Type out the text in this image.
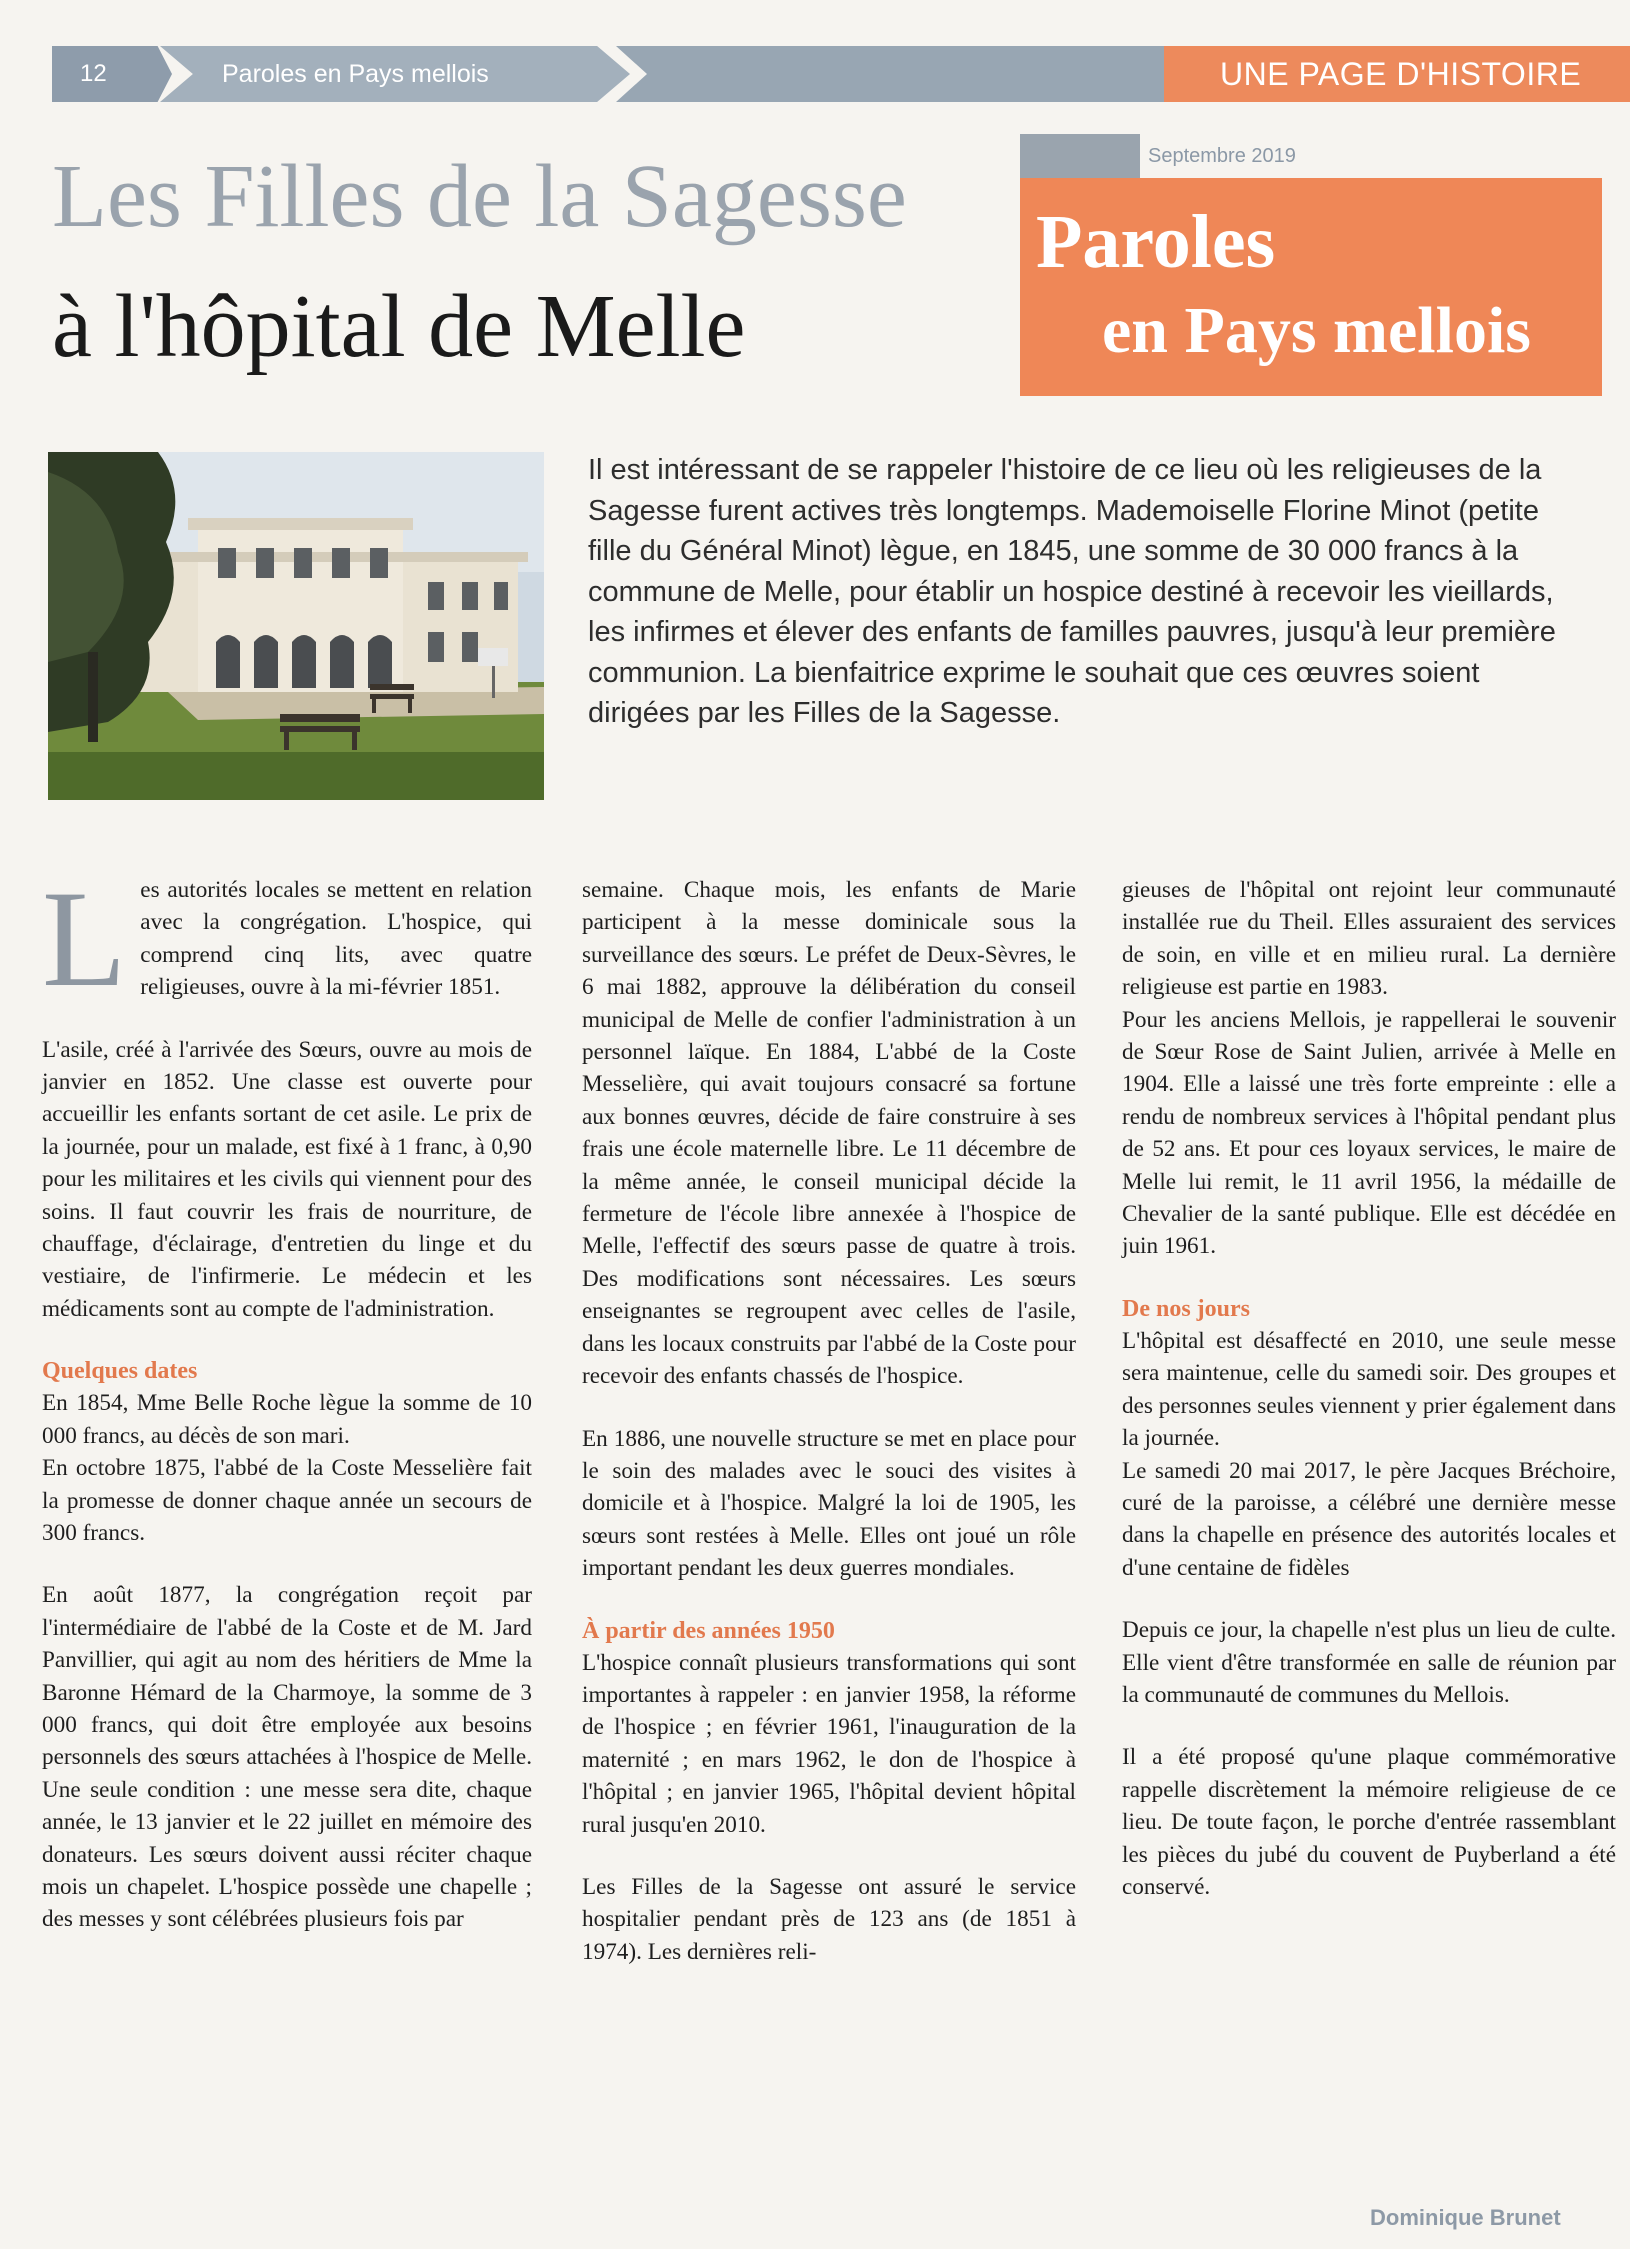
12	Paroles en Pays mellois	UNE PAGE D'HISTOIRE
Septembre 2019
Paroles
en Pays mellois
Les Filles de la Sagesse
à l'hôpital de Melle

Il est intéressant de se rappeler l'histoire de ce lieu où les religieuses de la Sagesse furent actives très longtemps. Mademoiselle Florine Minot (petite fille du Général Minot) lègue, en 1845, une somme de 30 000 francs à la commune de Melle, pour établir un hospice destiné à recevoir les vieillards, les infirmes et élever des enfants de familles pauvres, jusqu'à leur première communion. La bienfaitrice exprime le souhait que ces œuvres soient dirigées par les Filles de la Sagesse.

Les autorités locales se mettent en relation avec la congrégation. L'hospice, qui comprend cinq lits, avec quatre religieuses, ouvre à la mi-février 1851.

L'asile, créé à l'arrivée des Sœurs, ouvre au mois de janvier en 1852. Une classe est ouverte pour accueillir les enfants sortant de cet asile. Le prix de la journée, pour un malade, est fixé à 1 franc, à 0,90 pour les militaires et les civils qui viennent pour des soins. Il faut couvrir les frais de nourriture, de chauffage, d'éclairage, d'entretien du linge et du vestiaire, de l'infirmerie. Le médecin et les médicaments sont au compte de l'administration.

Quelques dates

En 1854, Mme Belle Roche lègue la somme de 10 000 francs, au décès de son mari.

En octobre 1875, l'abbé de la Coste Messelière fait la promesse de donner chaque année un secours de 300 francs.

En août 1877, la congrégation reçoit par l'intermédiaire de l'abbé de la Coste et de M. Jard Panvillier, qui agit au nom des héritiers de Mme la Baronne Hémard de la Charmoye, la somme de 3 000 francs, qui doit être employée aux besoins personnels des sœurs attachées à l'hospice de Melle. Une seule condition : une messe sera dite, chaque année, le 13 janvier et le 22 juillet en mémoire des donateurs. Les sœurs doivent aussi réciter chaque mois un chapelet. L'hospice possède une chapelle ; des messes y sont célébrées plusieurs fois par

semaine. Chaque mois, les enfants de Marie participent à la messe dominicale sous la surveillance des sœurs. Le préfet de Deux-Sèvres, le 6 mai 1882, approuve la délibération du conseil municipal de Melle de confier l'administration à un personnel laïque. En 1884, L'abbé de la Coste Messelière, qui avait toujours consacré sa fortune aux bonnes œuvres, décide de faire construire à ses frais une école maternelle libre. Le 11 décembre de la même année, le conseil municipal décide la fermeture de l'école libre annexée à l'hospice de Melle, l'effectif des sœurs passe de quatre à trois. Des modifications sont nécessaires. Les sœurs enseignantes se regroupent avec celles de l'asile, dans les locaux construits par l'abbé de la Coste pour recevoir des enfants chassés de l'hospice.

En 1886, une nouvelle structure se met en place pour le soin des malades avec le souci des visites à domicile et à l'hospice. Malgré la loi de 1905, les sœurs sont restées à Melle. Elles ont joué un rôle important pendant les deux guerres mondiales.

À partir des années 1950

L'hospice connaît plusieurs transformations qui sont importantes à rappeler : en janvier 1958, la réforme de l'hospice ; en février 1961, l'inauguration de la maternité ; en mars 1962, le don de l'hospice à l'hôpital ; en janvier 1965, l'hôpital devient hôpital rural jusqu'en 2010.

Les Filles de la Sagesse ont assuré le service hospitalier pendant près de 123 ans (de 1851 à 1974). Les dernières reli-

gieuses de l'hôpital ont rejoint leur communauté installée rue du Theil. Elles assuraient des services de soin, en ville et en milieu rural. La dernière religieuse est partie en 1983.

Pour les anciens Mellois, je rappellerai le souvenir de Sœur Rose de Saint Julien, arrivée à Melle en 1904. Elle a laissé une très forte empreinte : elle a rendu de nombreux services à l'hôpital pendant plus de 52 ans. Et pour ces loyaux services, le maire de Melle lui remit, le 11 avril 1956, la médaille de Chevalier de la santé publique. Elle est décédée en juin 1961.

De nos jours

L'hôpital est désaffecté en 2010, une seule messe sera maintenue, celle du samedi soir. Des groupes et des personnes seules viennent y prier également dans la journée.

Le samedi 20 mai 2017, le père Jacques Bréchoire, curé de la paroisse, a célébré une dernière messe dans la chapelle en présence des autorités locales et d'une centaine de fidèles

Depuis ce jour, la chapelle n'est plus un lieu de culte. Elle vient d'être transformée en salle de réunion par la communauté de communes du Mellois.

Il a été proposé qu'une plaque commémorative rappelle discrètement la mémoire religieuse de ce lieu. De toute façon, le porche d'entrée rassemblant les pièces du jubé du couvent de Puyberland a été conservé.

Dominique Brunet
